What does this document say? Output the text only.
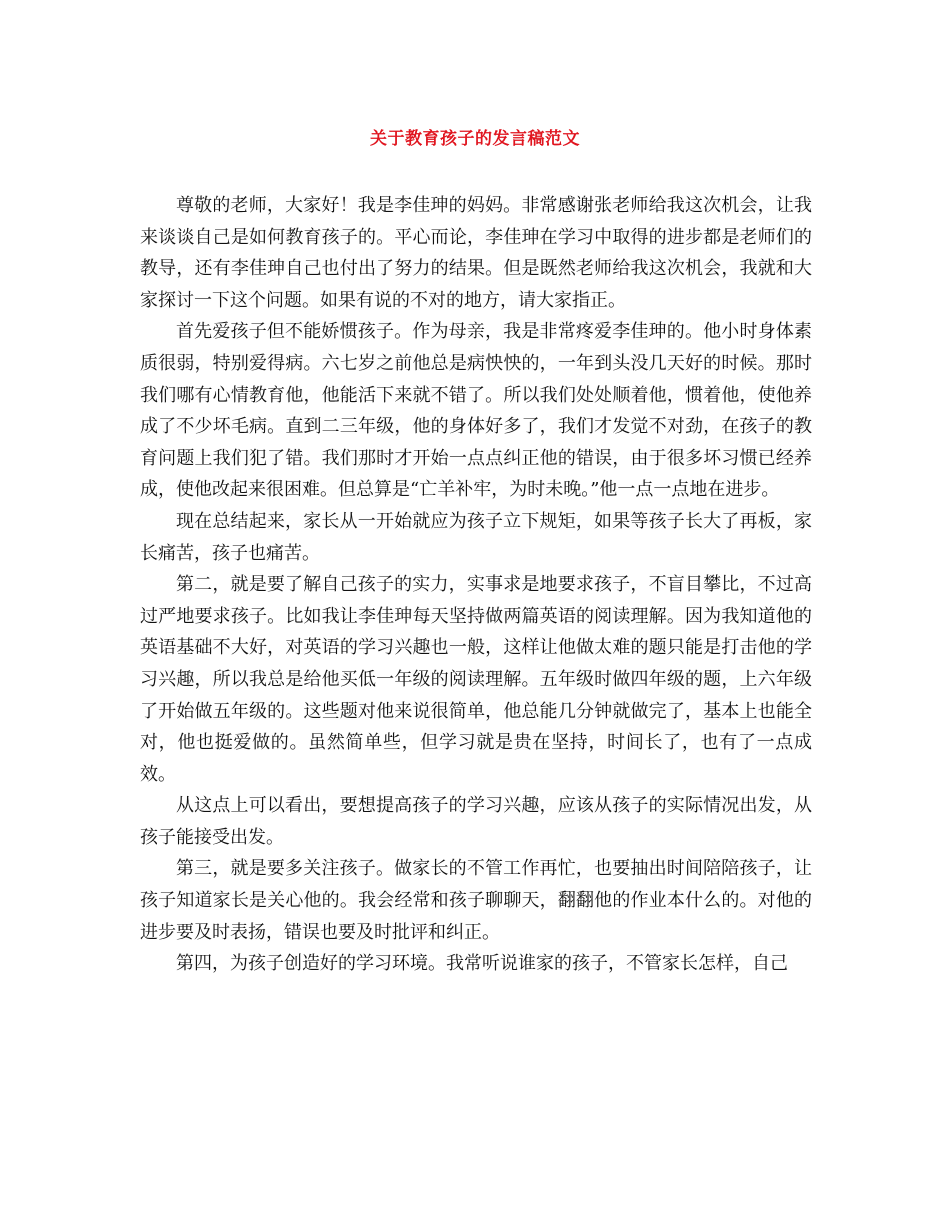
关于教育孩子的发言稿范文

尊敬的老师，大家好！我是李佳珅的妈妈。非常感谢张老师给我这次机会，让我来谈谈自己是如何教育孩子的。平心而论，李佳珅在学习中取得的进步都是老师们的教导，还有李佳珅自己也付出了努力的结果。但是既然老师给我这次机会，我就和大家探讨一下这个问题。如果有说的不对的地方，请大家指正。

首先爱孩子但不能娇惯孩子。作为母亲，我是非常疼爱李佳珅的。他小时身体素质很弱，特别爱得病。六七岁之前他总是病怏怏的，一年到头没几天好的时候。那时我们哪有心情教育他，他能活下来就不错了。所以我们处处顺着他，惯着他，使他养成了不少坏毛病。直到二三年级，他的身体好多了，我们才发觉不对劲，在孩子的教育问题上我们犯了错。我们那时才开始一点点纠正他的错误，由于很多坏习惯已经养成，使他改起来很困难。但总算是“亡羊补牢，为时未晚。”他一点一点地在进步。

现在总结起来，家长从一开始就应为孩子立下规矩，如果等孩子长大了再板，家长痛苦，孩子也痛苦。

第二，就是要了解自己孩子的实力，实事求是地要求孩子，不盲目攀比，不过高过严地要求孩子。比如我让李佳珅每天坚持做两篇英语的阅读理解。因为我知道他的英语基础不大好，对英语的学习兴趣也一般，这样让他做太难的题只能是打击他的学习兴趣，所以我总是给他买低一年级的阅读理解。五年级时做四年级的题，上六年级了开始做五年级的。这些题对他来说很简单，他总能几分钟就做完了，基本上也能全对，他也挺爱做的。虽然简单些，但学习就是贵在坚持，时间长了，也有了一点成效。

从这点上可以看出，要想提高孩子的学习兴趣，应该从孩子的实际情况出发，从孩子能接受出发。

第三，就是要多关注孩子。做家长的不管工作再忙，也要抽出时间陪陪孩子，让孩子知道家长是关心他的。我会经常和孩子聊聊天，翻翻他的作业本什么的。对他的进步要及时表扬，错误也要及时批评和纠正。

第四，为孩子创造好的学习环境。我常听说谁家的孩子，不管家长怎样，自己
